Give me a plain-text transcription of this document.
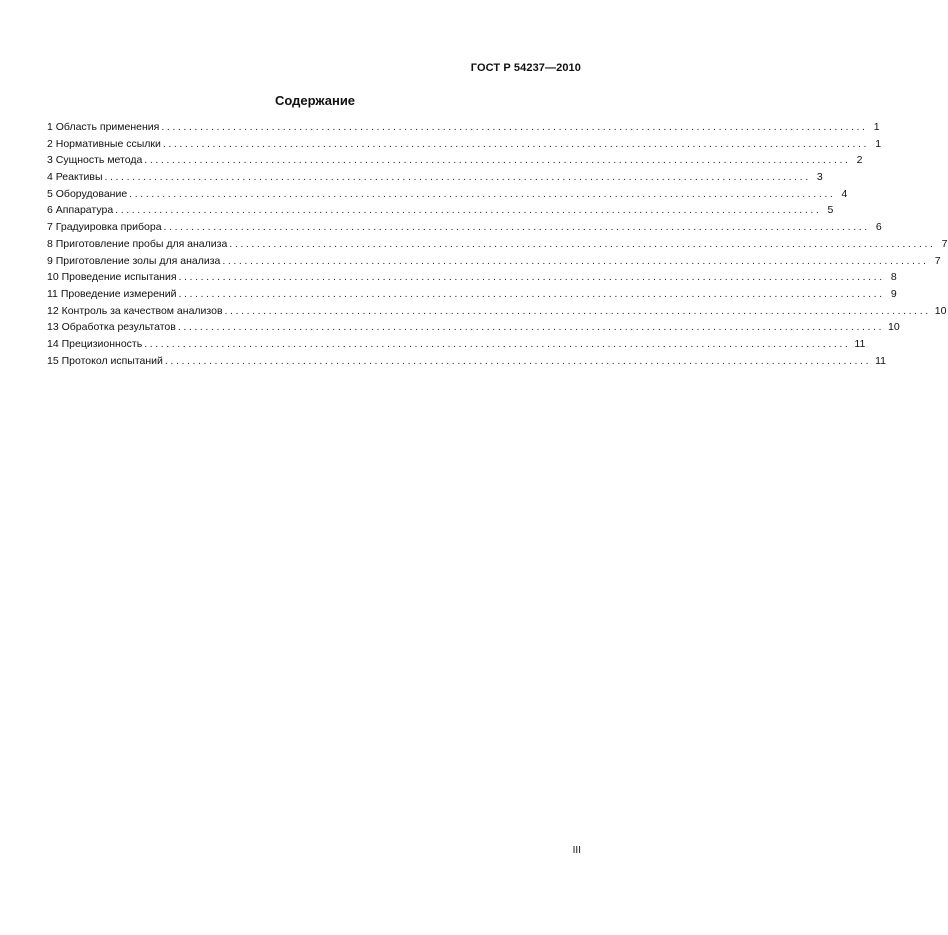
ГОСТ Р 54237—2010
Содержание
1 Область применения ................................................................................................................................ 1
2 Нормативные ссылки ................................................................................................................................ 1
3 Сущность метода ................................................................................................................................ 2
4 Реактивы ................................................................................................................................ 3
5 Оборудование ................................................................................................................................ 4
6 Аппаратура ................................................................................................................................ 5
7 Градуировка прибора ................................................................................................................................ 6
8 Приготовление пробы для анализа ................................................................................................................................ 7
9 Приготовление золы для анализа ................................................................................................................................ 7
10 Проведение испытания ................................................................................................................................ 8
11 Проведение измерений ................................................................................................................................ 9
12 Контроль за качеством анализов ................................................................................................................................ 10
13 Обработка результатов ................................................................................................................................ 10
14 Прецизионность ................................................................................................................................ 11
15 Протокол испытаний ................................................................................................................................ 11
III
